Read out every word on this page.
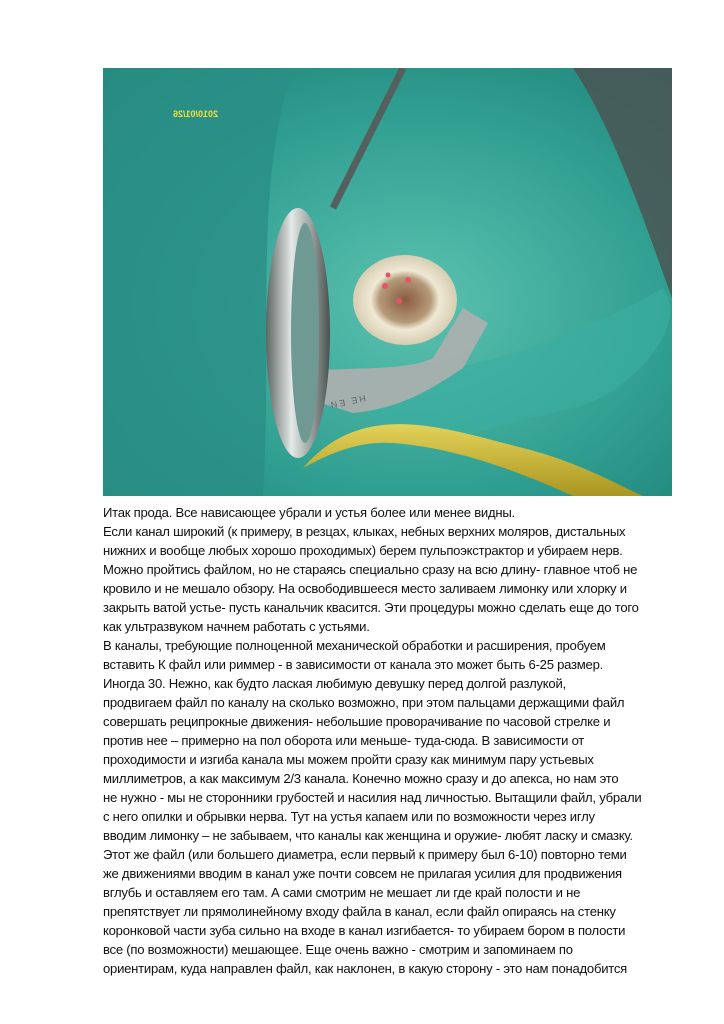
HE EN
2010/01/26
Итак прода. Все нависающее убрали и устья более или менее видны.
Если канал широкий (к примеру, в резцах, клыках, небных верхних моляров, дистальных
нижних и вообще любых хорошо проходимых) берем пульпоэкстрактор и убираем нерв.
Можно пройтись файлом, но не стараясь специально сразу на всю длину- главное чтоб не
кровило и не мешало обзору. На освободившееся место заливаем лимонку или хлорку и
закрыть ватой устье- пусть канальчик квасится. Эти процедуры можно сделать еще до того
как ультразвуком начнем работать с устьями.
В каналы, требующие полноценной механической обработки и расширения, пробуем
вставить К файл или риммер - в зависимости от канала это может быть 6-25 размер.
Иногда 30. Нежно, как будто лаская любимую девушку перед долгой разлукой,
продвигаем файл по каналу на сколько возможно, при этом пальцами держащими файл
совершать реципрокные движения- небольшие проворачивание по часовой стрелке и
против нее – примерно на пол оборота или меньше- туда-сюда. В зависимости от
проходимости и изгиба канала мы можем пройти сразу как минимум пару устьевых
миллиметров, а как максимум 2/3 канала. Конечно можно сразу и до апекса, но нам это
не нужно - мы не сторонники грубостей и насилия над личностью. Вытащили файл, убрали
с него опилки и обрывки нерва. Тут на устья капаем или по возможности через иглу
вводим лимонку – не забываем, что каналы как женщина и оружие- любят ласку и смазку.
Этот же файл (или большего диаметра, если первый к примеру был 6-10) повторно теми
же движениями вводим в канал уже почти совсем не прилагая усилия для продвижения
вглубь и оставляем его там. А сами смотрим не мешает ли где край полости и не
препятствует ли прямолинейному входу файла в канал, если файл опираясь на стенку
коронковой части зуба сильно на входе в канал изгибается- то убираем бором в полости
все (по возможности) мешающее. Еще очень важно - смотрим и запоминаем по
ориентирам, куда направлен файл, как наклонен, в какую сторону - это нам понадобится
